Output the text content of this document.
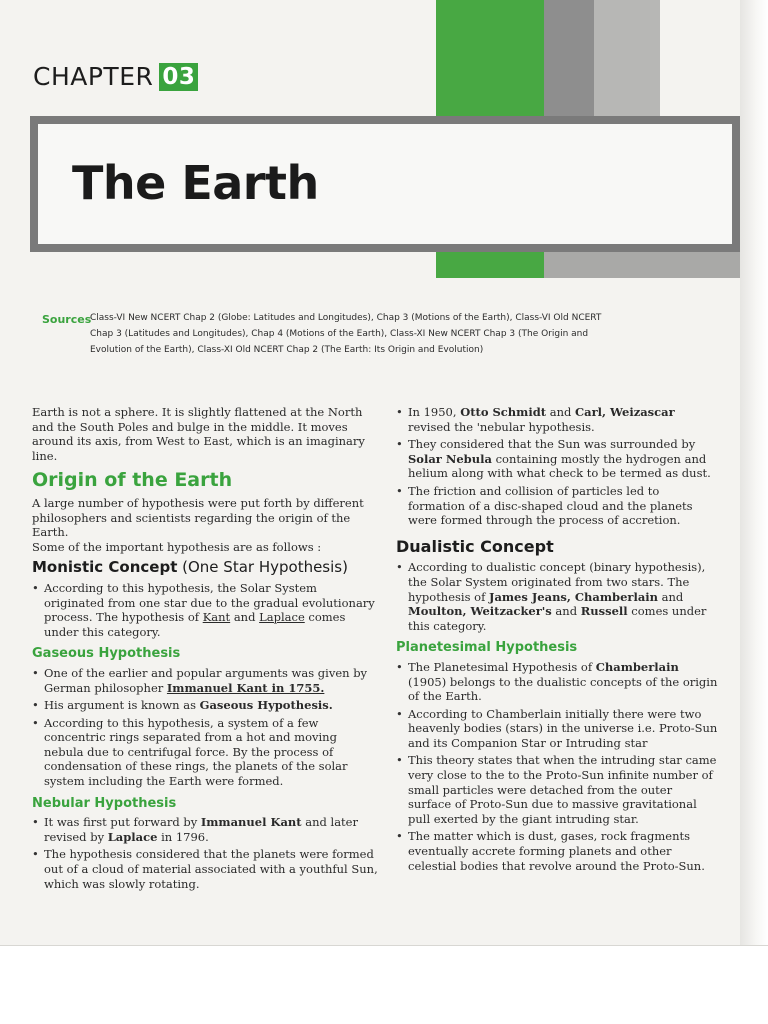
CHAPTER 03
The Earth
Sources
Class-VI New NCERT Chap 2 (Globe: Latitudes and Longitudes), Chap 3 (Motions of the Earth), Class-VI Old NCERT
Chap 3 (Latitudes and Longitudes), Chap 4 (Motions of the Earth), Class-XI New NCERT Chap 3 (The Origin and
Evolution of the Earth), Class-XI Old NCERT Chap 2 (The Earth: Its Origin and Evolution)

Earth is not a sphere. It is slightly flattened at the North and the South Poles and bulge in the middle. It moves around its axis, from West to East, which is an imaginary line.

Origin of the Earth

A large number of hypothesis were put forth by different philosophers and scientists regarding the origin of the Earth.

Some of the important hypothesis are as follows :

Monistic Concept (One Star Hypothesis)
• According to this hypothesis, the Solar System originated from one star due to the gradual evolutionary process. The hypothesis of Kant and Laplace comes under this category.
Gaseous Hypothesis
• One of the earlier and popular arguments was given by German philosopher Immanuel Kant in 1755.
• His argument is known as Gaseous Hypothesis.
• According to this hypothesis, a system of a few concentric rings separated from a hot and moving nebula due to centrifugal force. By the process of condensation of these rings, the planets of the solar system including the Earth were formed.
Nebular Hypothesis
• It was first put forward by Immanuel Kant and later revised by Laplace in 1796.
• The hypothesis considered that the planets were formed out of a cloud of material associated with a youthful Sun, which was slowly rotating.
• In 1950, Otto Schmidt and Carl, Weizascar revised the 'nebular hypothesis.
• They considered that the Sun was surrounded by Solar Nebula containing mostly the hydrogen and helium along with what check to be termed as dust.
• The friction and collision of particles led to formation of a disc-shaped cloud and the planets were formed through the process of accretion.
Dualistic Concept
• According to dualistic concept (binary hypothesis), the Solar System originated from two stars. The hypothesis of James Jeans, Chamberlain and Moulton, Weitzacker's and Russell comes under this category.
Planetesimal Hypothesis
• The Planetesimal Hypothesis of Chamberlain (1905) belongs to the dualistic concepts of the origin of the Earth.
• According to Chamberlain initially there were two heavenly bodies (stars) in the universe i.e. Proto-Sun and its Companion Star or Intruding star
• This theory states that when the intruding star came very close to the to the Proto-Sun infinite number of small particles were detached from the outer surface of Proto-Sun due to massive gravitational pull exerted by the giant intruding star.
• The matter which is dust, gases, rock fragments eventually accrete forming planets and other celestial bodies that revolve around the Proto-Sun.
